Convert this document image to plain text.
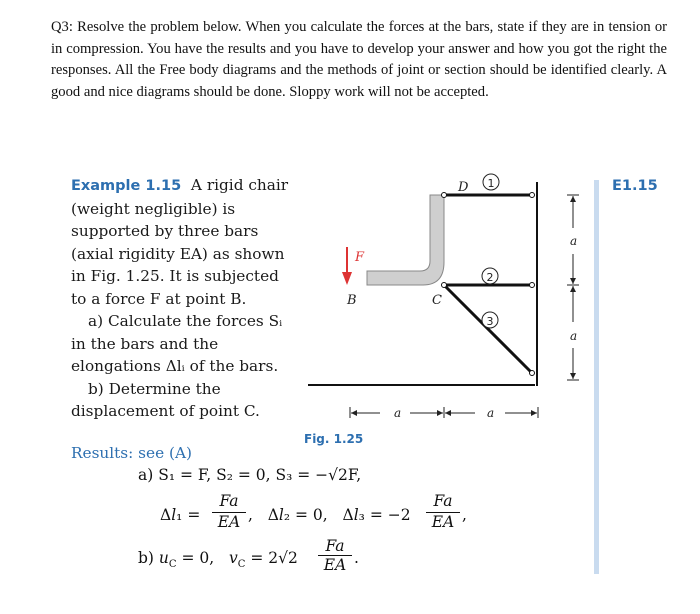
Q3: Resolve the problem below. When you calculate the forces at the bars, state if they are in tension or in compression. You have the results and you have to develop your answer and how you got the right the responses. All the Free body diagrams and the methods of joint or section should be identified clearly. A good and nice diagrams should be done. Sloppy work will not be accepted.

Example 1.15 A rigid chair (weight negligible) is supported by three bars (axial rigidity EA) as shown in Fig. 1.25. It is subjected to a force F at point B.

a) Calculate the forces Sᵢ in the bars and the elongations Δlᵢ of the bars.

b) Determine the displacement of point C.

E1.15
F
B	C
D 1
2
3
a
a
a	a
Fig. 1.25
Results: see (A)
a) S₁ = F, S₂ = 0, S₃ = −√2F,
Δl₁ =
Fa
EA ,   Δl₂ = 0,   Δl₃ = −2
Fa
EA ,
b) $u_C = 0$,   $v_C = 2√2$
Fa
EA .
